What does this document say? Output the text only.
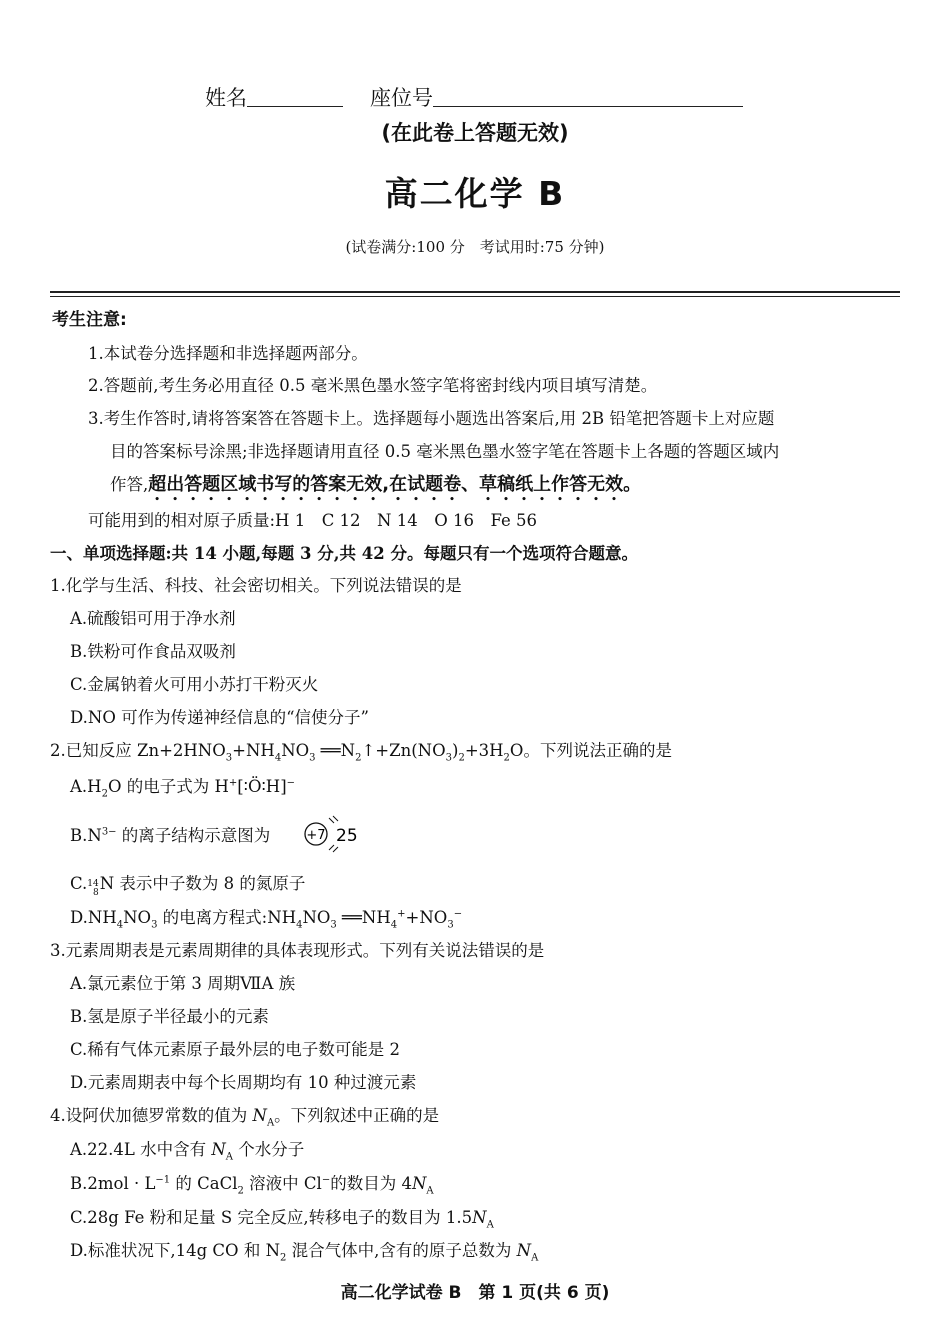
姓名	座位号
(在此卷上答题无效)
高二化学 B
(试卷满分:100 分　考试用时:75 分钟)
考生注意:
1.本试卷分选择题和非选择题两部分。
2.答题前,考生务必用直径 0.5 毫米黑色墨水签字笔将密封线内项目填写清楚。
3.考生作答时,请将答案答在答题卡上。选择题每小题选出答案后,用 2B 铅笔把答题卡上对应题
目的答案标号涂黑;非选择题请用直径 0.5 毫米黑色墨水签字笔在答题卡上各题的答题区域内
作答,超出答题区域书写的答案无效,在试题卷、草稿纸上作答无效。
可能用到的相对原子质量:H 1　C 12　N 14　O 16　Fe 56
一、单项选择题:共 14 小题,每题 3 分,共 42 分。每题只有一个选项符合题意。
1.化学与生活、科技、社会密切相关。下列说法错误的是
A.硫酸铝可用于净水剂
B.铁粉可作食品双吸剂
C.金属钠着火可用小苏打干粉灭火
D.NO 可作为传递神经信息的“信使分子”
2.已知反应 $Zn+2HNO_3+NH_4NO_3$ $══N_2↑+Zn(NO_3)_2+3H_2O$。下列说法正确的是
$A.H_2O$ 的电子式为 H+[∶Ö∶H]−
$B.N^{3-}$ 的离子结构示意图为	+7 25
C.14
8N 表示中子数为 8 的氮原子
$D.NH_4NO_3$ 的电离方程式$:NH_4NO_3$ $══NH_4^++NO_3^-$
3.元素周期表是元素周期律的具体表现形式。下列有关说法错误的是
A.氯元素位于第 3 周期ⅦA 族
B.氢是原子半径最小的元素
C.稀有气体元素原子最外层的电子数可能是 2
D.元素周期表中每个长周期均有 10 种过渡元素
4.设阿伏加德罗常数的值为 $N_A$。下列叙述中正确的是
A.22.4L 水中含有 $N_A$ 个水分子
$B.2mol \cdot L^{-1}$ 的 CaCl$_2$ 溶液中 Cl−的数目为 $4N_A$
C.28g Fe 粉和足量 S 完全反应,转移电子的数目为 $1.5N_A$
D.标准状况下,14g CO 和 $N_2$ 混合气体中,含有的原子总数为 $N_A$
高二化学试卷 B　第 1 页(共 6 页)
